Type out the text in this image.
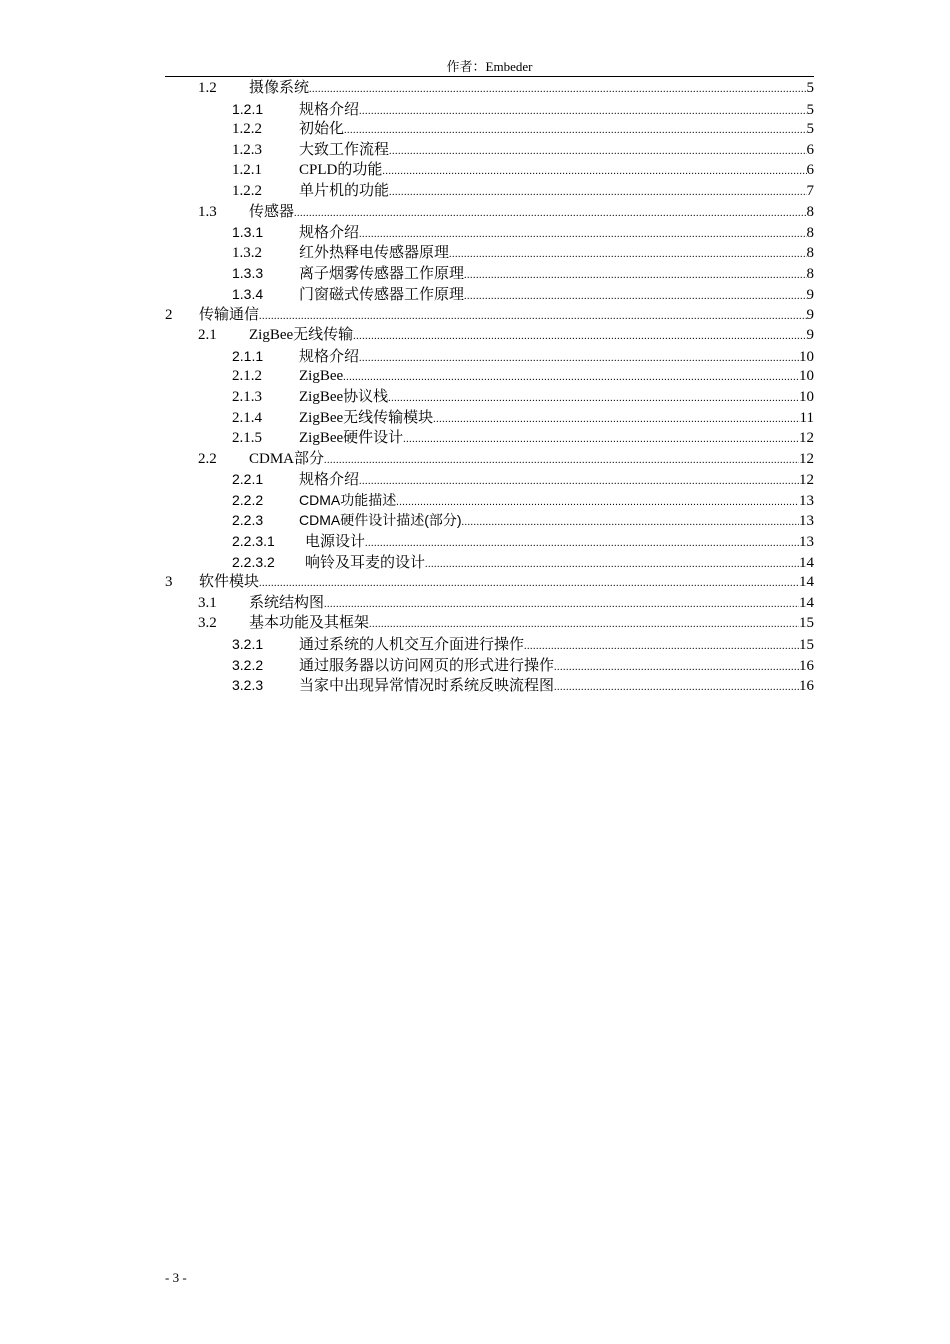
作者：Embeder
1.2	摄像系统 .....	5
1.2.1	规格介绍 .....	5
1.2.2	初始化 .....	5
1.2.3	大致工作流程 .....	6
1.2.1	CPLD的功能 .....	6
1.2.2	单片机的功能 .....	7
1.3	传感器 .....	8
1.3.1	规格介绍 .....	8
1.3.2	红外热释电传感器原理 .....	8
1.3.3	离子烟雾传感器工作原理 .....	8
1.3.4	门窗磁式传感器工作原理 .....	9
2	传输通信 .....	9
2.1	ZigBee无线传输 .....	9
2.1.1	规格介绍 .....	10
2.1.2	ZigBee .....	10
2.1.3	ZigBee协议栈 .....	10
2.1.4	ZigBee无线传输模块 .....	11
2.1.5	ZigBee硬件设计 .....	12
2.2	CDMA部分 .....	12
2.2.1	规格介绍 .....	12
2.2.2	CDMA功能描述 .....	13
2.2.3	CDMA硬件设计描述(部分) .....	13
2.2.3.1	电源设计 .....	13
2.2.3.2	响铃及耳麦的设计 .....	14
3	软件模块 .....	14
3.1	系统结构图 .....	14
3.2	基本功能及其框架 .....	15
3.2.1	通过系统的人机交互介面进行操作 .....	15
3.2.2	通过服务器以访问网页的形式进行操作 .....	16
3.2.3	当家中出现异常情况时系统反映流程图 .....	16
- 3 -
